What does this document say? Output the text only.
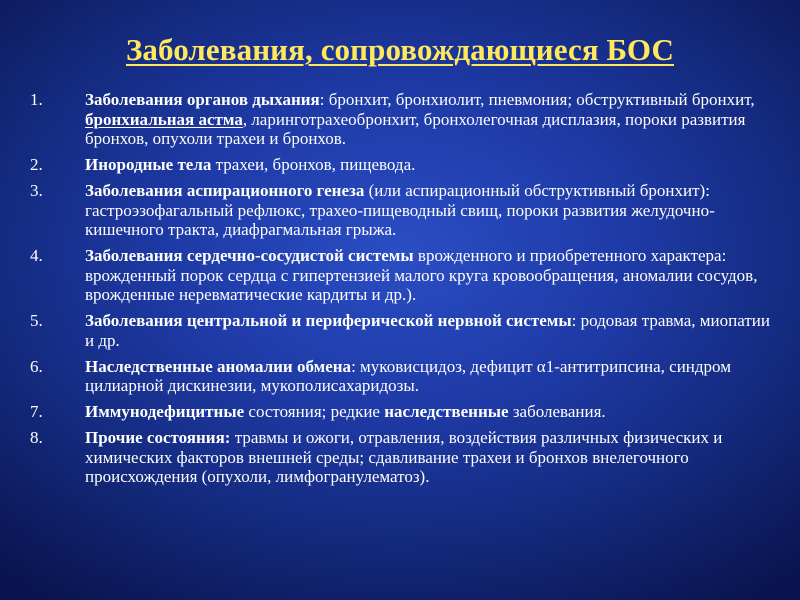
Заболевания, сопровождающиеся БОС
1.	Заболевания органов дыхания: бронхит, бронхиолит, пневмония; обструктивный бронхит, бронхиальная астма, ларинготрахеобронхит, бронхолегочная дисплазия, пороки развития бронхов, опухоли трахеи и бронхов.
2.	Инородные тела трахеи, бронхов, пищевода.
3.	Заболевания аспирационного генеза (или аспирационный обструктивный бронхит): гастроэзофагальный рефлюкс, трахео-пищеводный свищ, пороки развития желудочно-кишечного тракта, диафрагмальная грыжа.
4.	Заболевания сердечно-сосудистой системы врожденного и приобретенного характера: врожденный порок сердца с гипертензией малого круга кровообращения, аномалии сосудов, врожденные неревматические кардиты и др.).
5.	Заболевания центральной и периферической нервной системы: родовая травма, миопатии и др.
6.	Наследственные аномалии обмена: муковисцидоз, дефицит α1-антитрипсина, синдром цилиарной дискинезии, мукополисахаридозы.
7.	Иммунодефицитные состояния; редкие наследственные заболевания.
8.	Прочие состояния: травмы и ожоги, отравления, воздействия различных физических и химических факторов внешней среды; сдавливание трахеи и бронхов внелегочного происхождения (опухоли, лимфогранулематоз).
